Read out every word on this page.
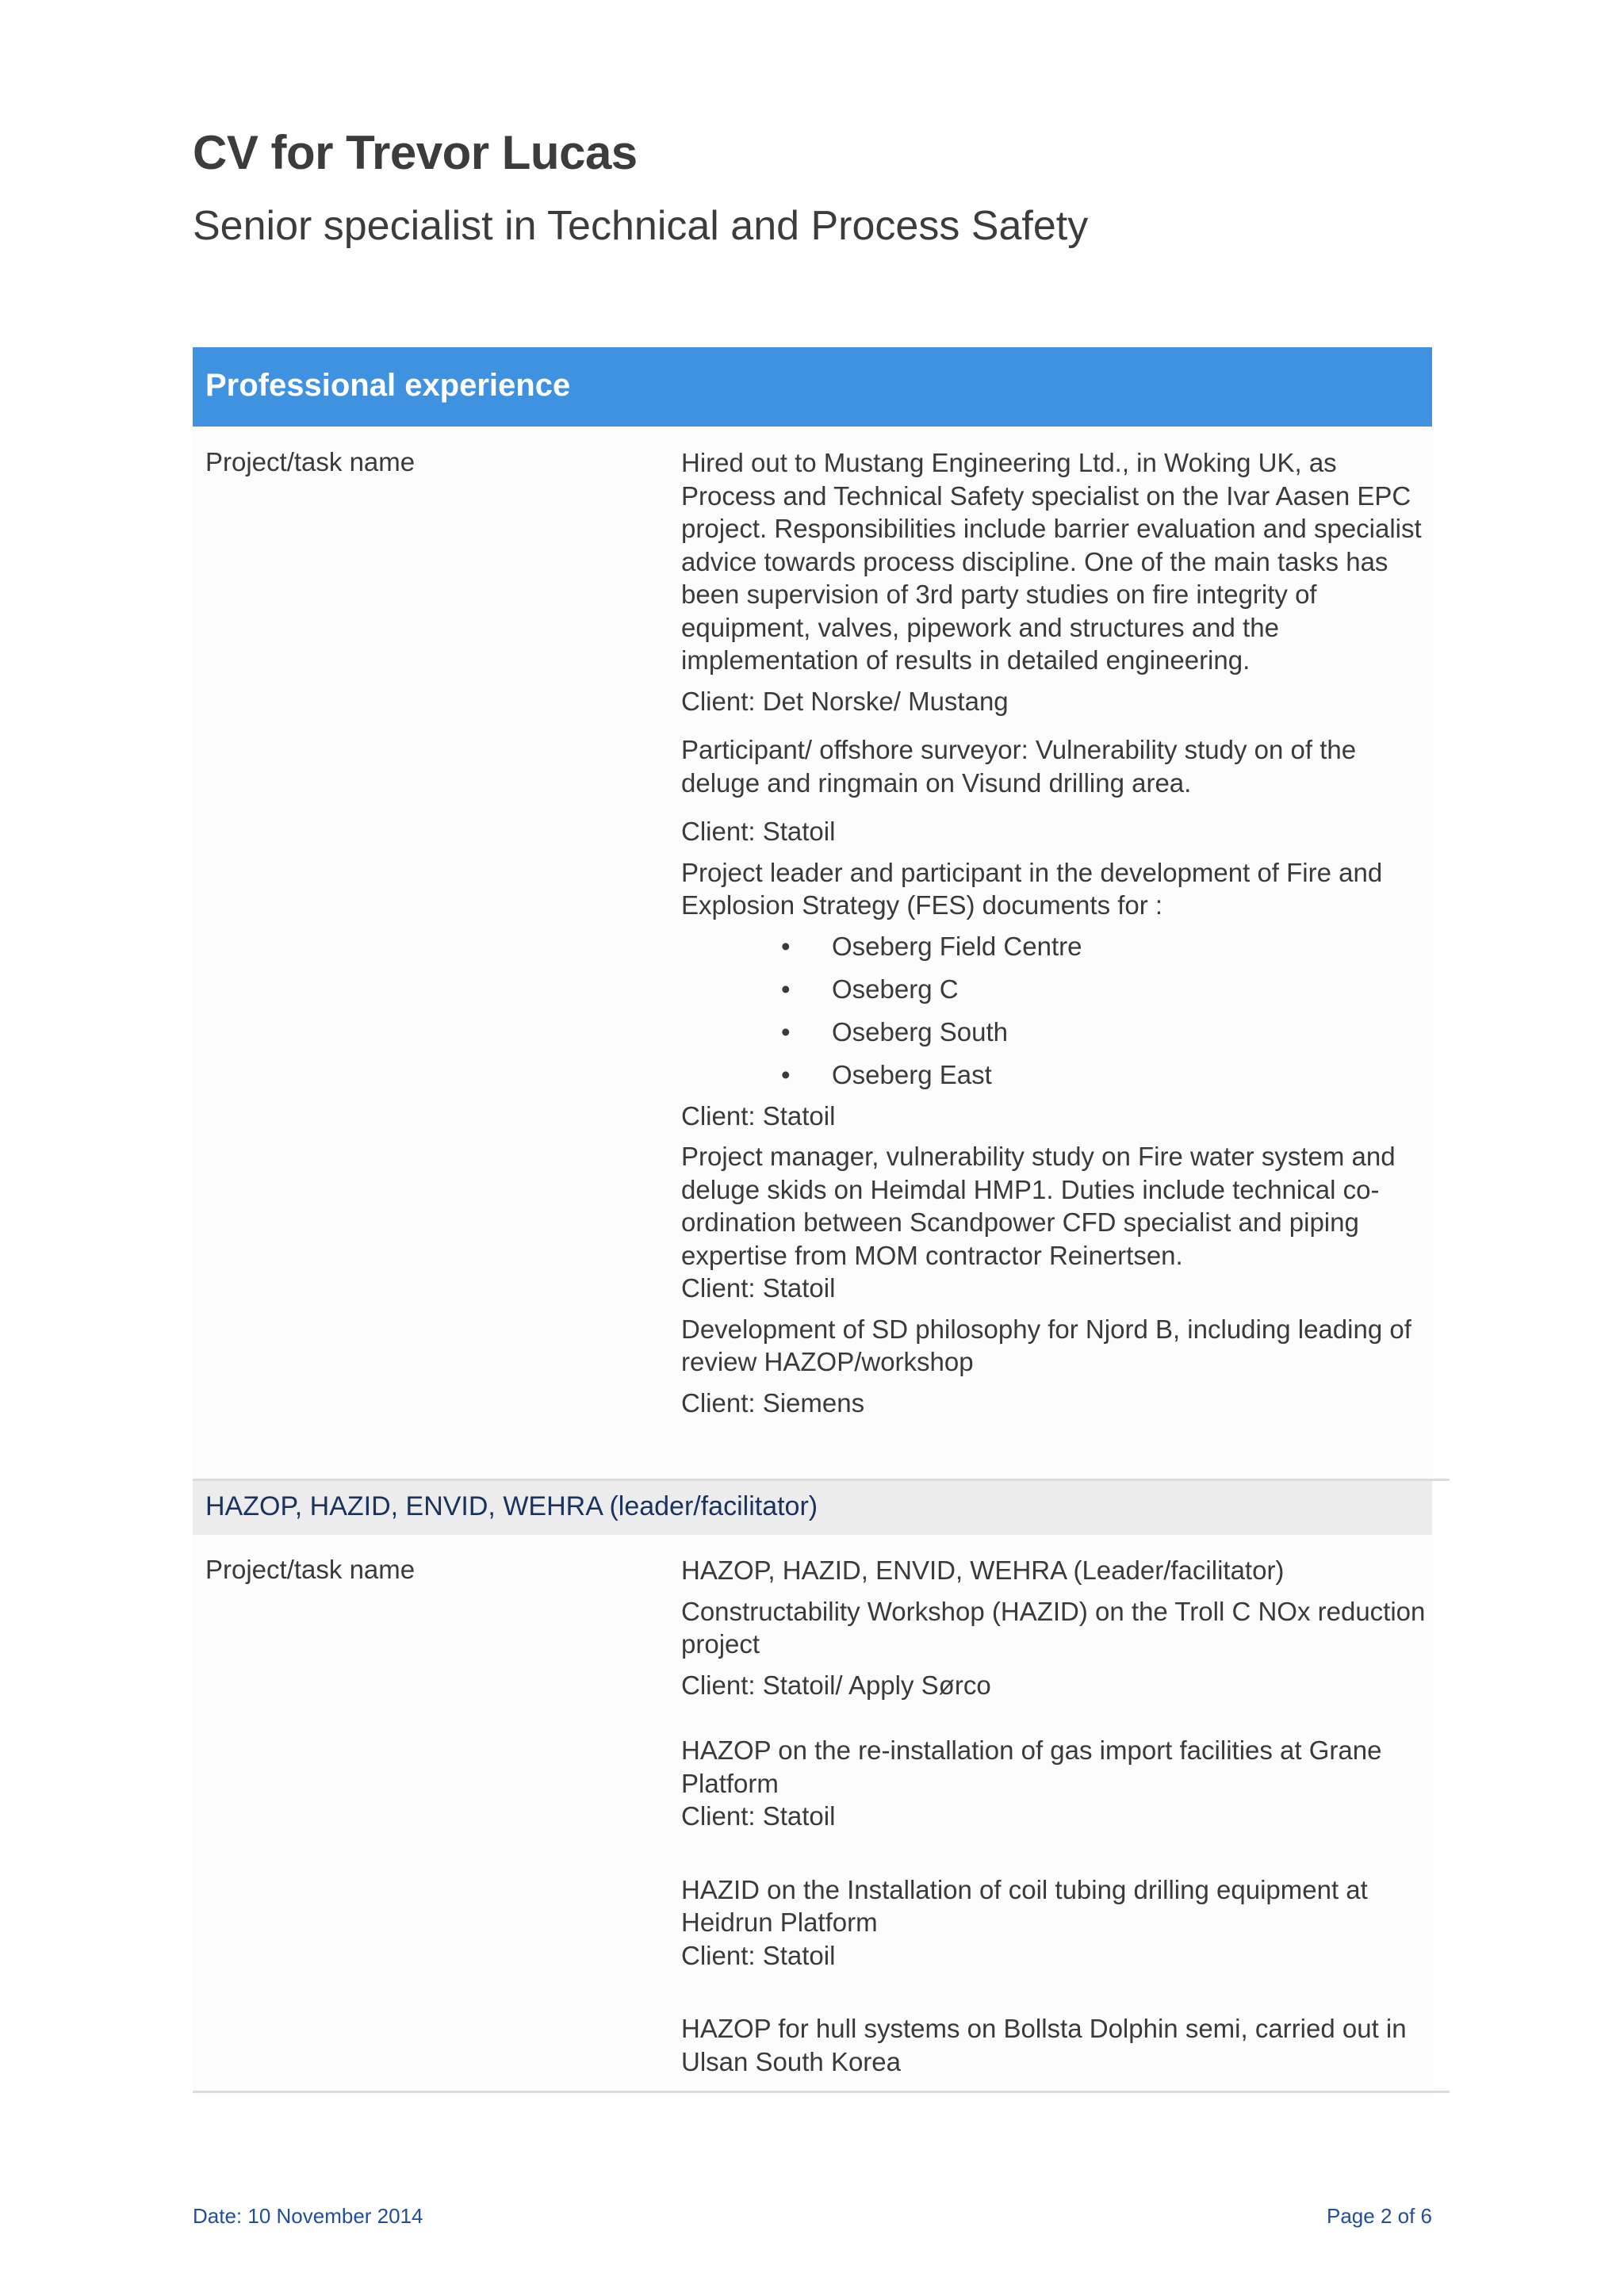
CV for Trevor Lucas
Senior specialist in Technical and Process Safety
Professional experience
Project/task name	Hired out to Mustang Engineering Ltd., in Woking UK, as Process and Technical Safety specialist on the Ivar Aasen EPC project. Responsibilities include barrier evaluation and specialist advice towards process discipline. One of the main tasks has been supervision of 3rd party studies on fire integrity of equipment, valves, pipework and structures and the implementation of results in detailed engineering.

Client: Det Norske/ Mustang

Participant/ offshore surveyor: Vulnerability study on of the deluge and ringmain on Visund drilling area.

Client: Statoil

Project leader and participant in the development of Fire and Explosion Strategy (FES) documents for :

• Oseberg Field Centre
• Oseberg C
• Oseberg South
• Oseberg East

Client: Statoil

Project manager, vulnerability study on Fire water system and deluge skids on Heimdal HMP1. Duties include technical co-ordination between Scandpower CFD specialist and piping expertise from MOM contractor Reinertsen.

Client: Statoil

Development of SD philosophy for Njord B, including leading of review HAZOP/workshop

Client: Siemens

HAZOP, HAZID, ENVID, WEHRA (leader/facilitator)
Project/task name	HAZOP, HAZID, ENVID, WEHRA (Leader/facilitator)

Constructability Workshop (HAZID) on the Troll C NOx reduction project

Client: Statoil/ Apply Sørco

HAZOP on the re-installation of gas import facilities at Grane Platform

Client: Statoil

HAZID on the Installation of coil tubing drilling equipment at Heidrun Platform

Client: Statoil

HAZOP for hull systems on Bollsta Dolphin semi, carried out in Ulsan South Korea

Date: 10 November 2014	Page 2 of 6
